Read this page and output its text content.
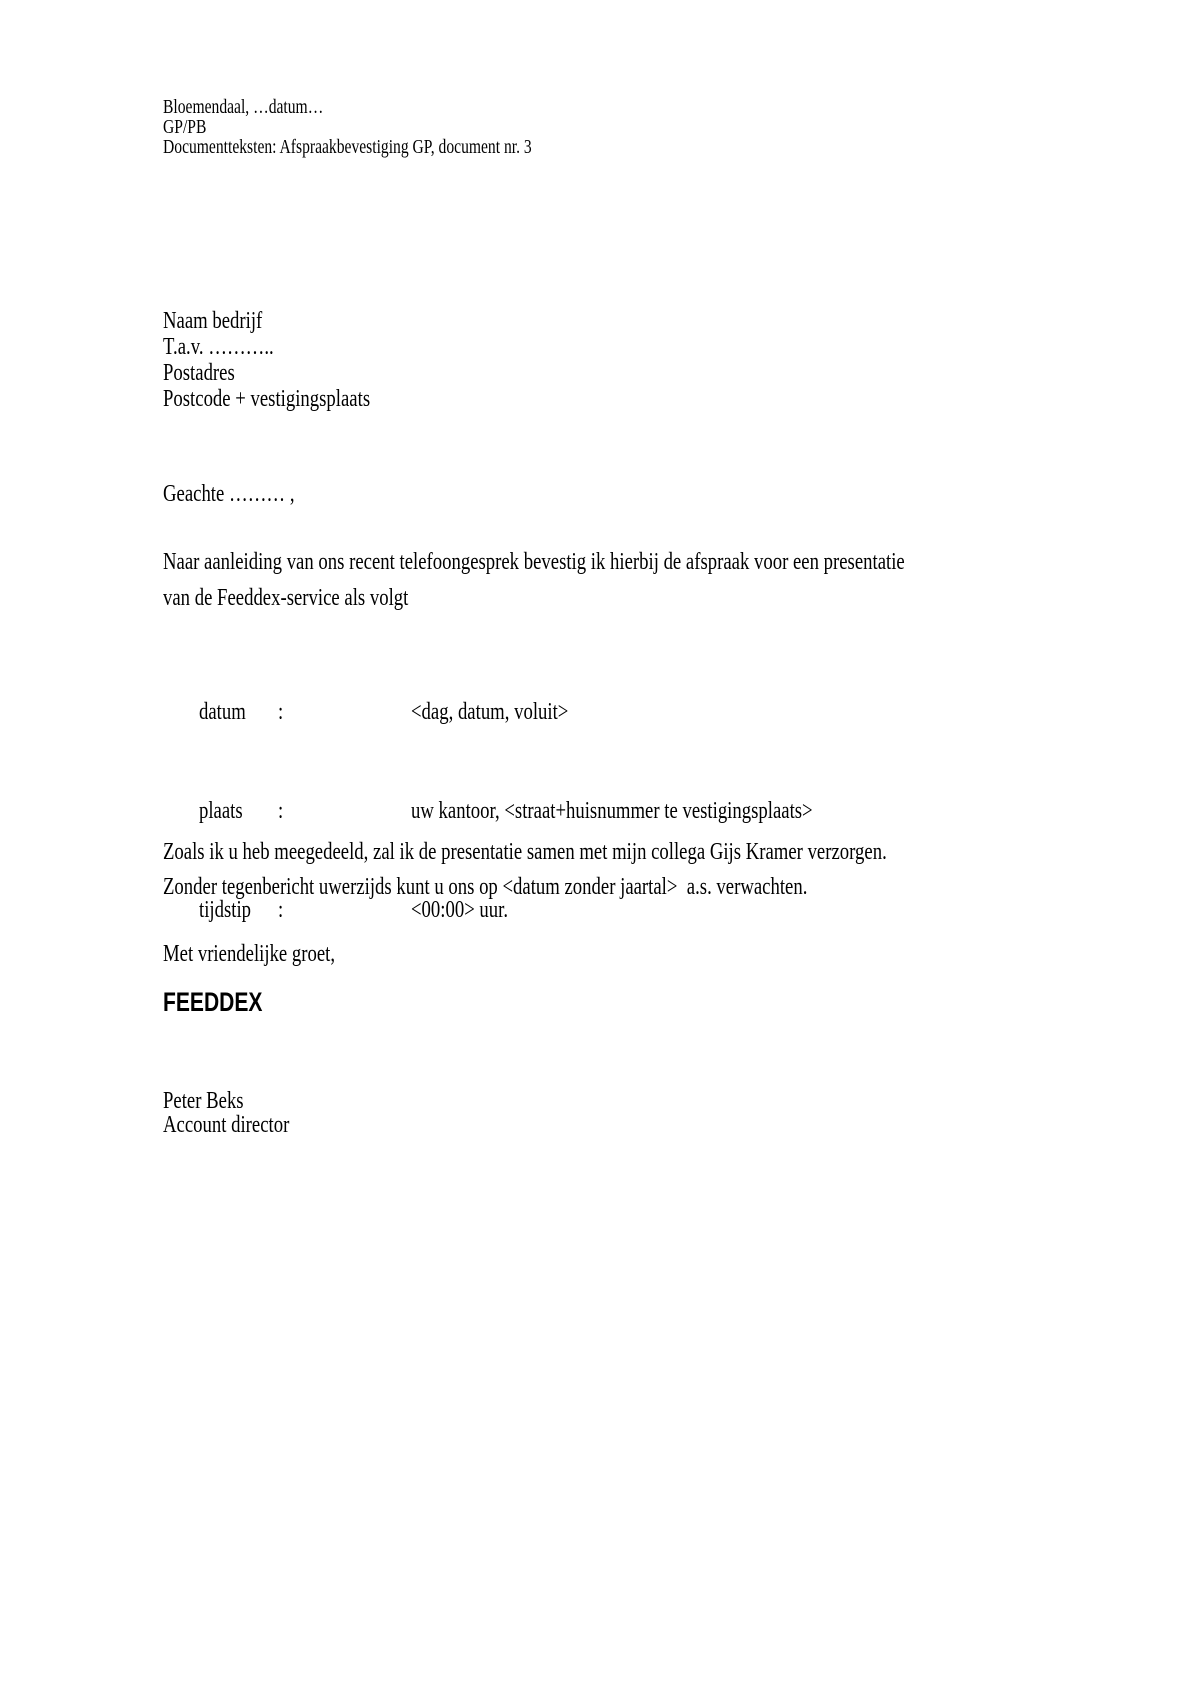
Bloemendaal, …datum…
GP/PB
Documentteksten: Afspraakbevestiging GP, document nr. 3
Naam bedrijf
T.a.v. ………..
Postadres
Postcode + vestigingsplaats
Geachte ……… ,
Naar aanleiding van ons recent telefoongesprek bevestig ik hierbij de afspraak voor een presentatie
van de Feeddex-service als volgt

datum :	<dag, datum, voluit>

plaats :	uw kantoor, <straat+huisnummer te vestigingsplaats>

tijdstip :	<00:00> uur.

Zoals ik u heb meegedeeld, zal ik de presentatie samen met mijn collega Gijs Kramer verzorgen.
Zonder tegenbericht uwerzijds kunt u ons op <datum zonder jaartal>  a.s. verwachten.
Met vriendelijke groet,
FEEDDEX
Peter Beks
Account director
